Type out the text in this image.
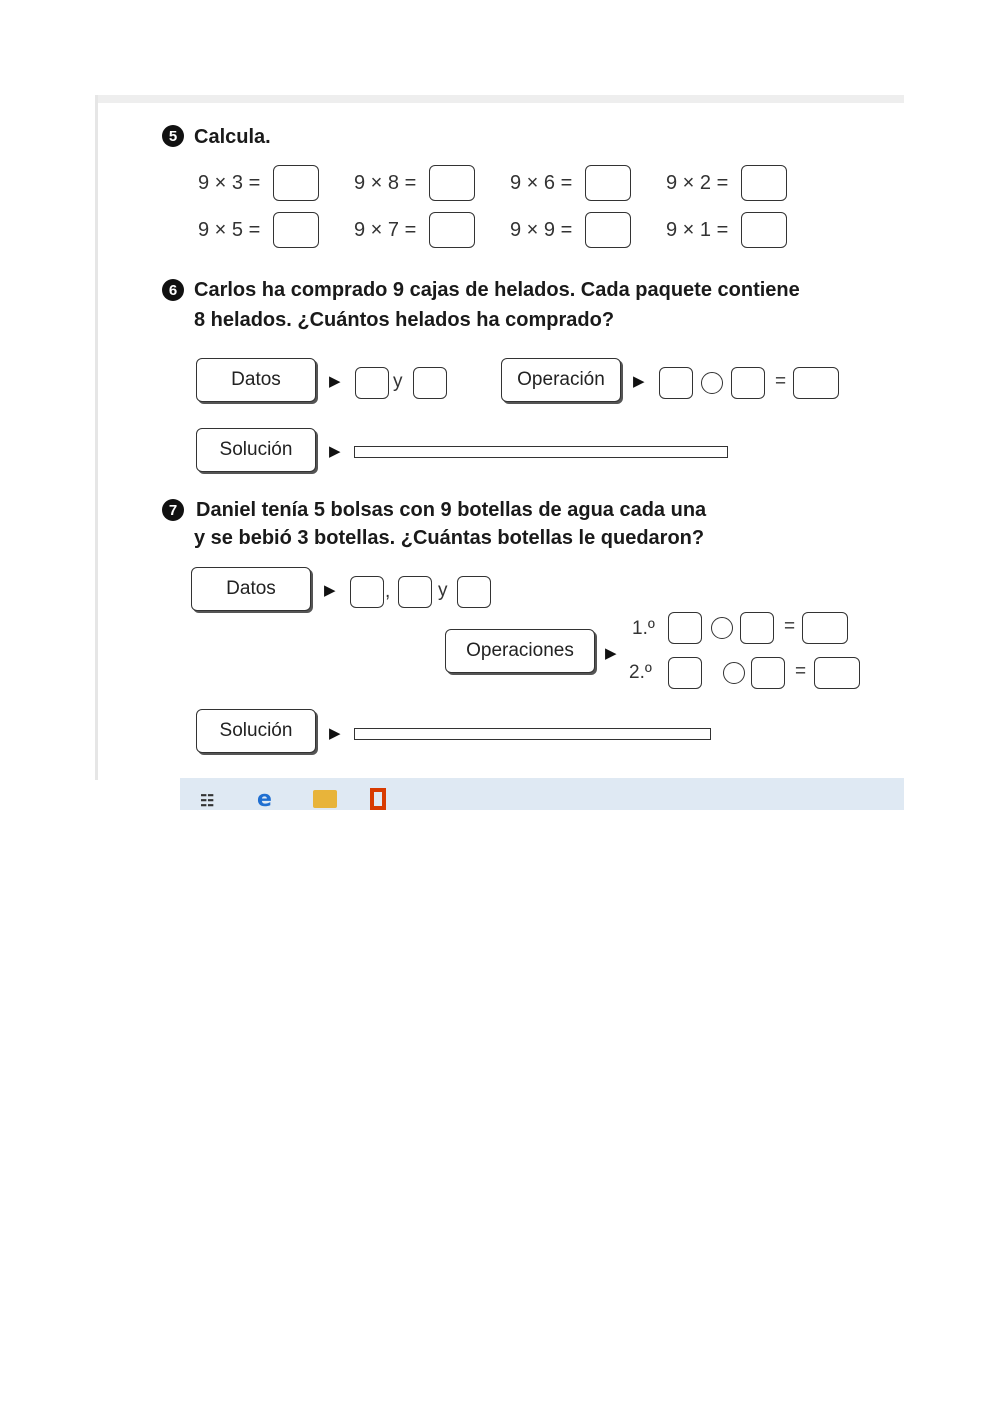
5 Calcula.
9 × 3 =	9 × 8 =	9 × 6 =	9 × 2 =
9 × 5 =	9 × 7 =	9 × 9 =	9 × 1 =
6 Carlos ha comprado 9 cajas de helados. Cada paquete contiene
8 helados. ¿Cuántos helados ha comprado?
Datos	▶	y	Operación ▶	=
Solución ▶
7 Daniel tenía 5 bolsas con 9 botellas de agua cada una
y se bebió 3 botellas. ¿Cuántas botellas le quedaron?
Datos	▶	,	y
Operaciones ▶
1.º	=
2.º	=
Solución ▶
☷ e
